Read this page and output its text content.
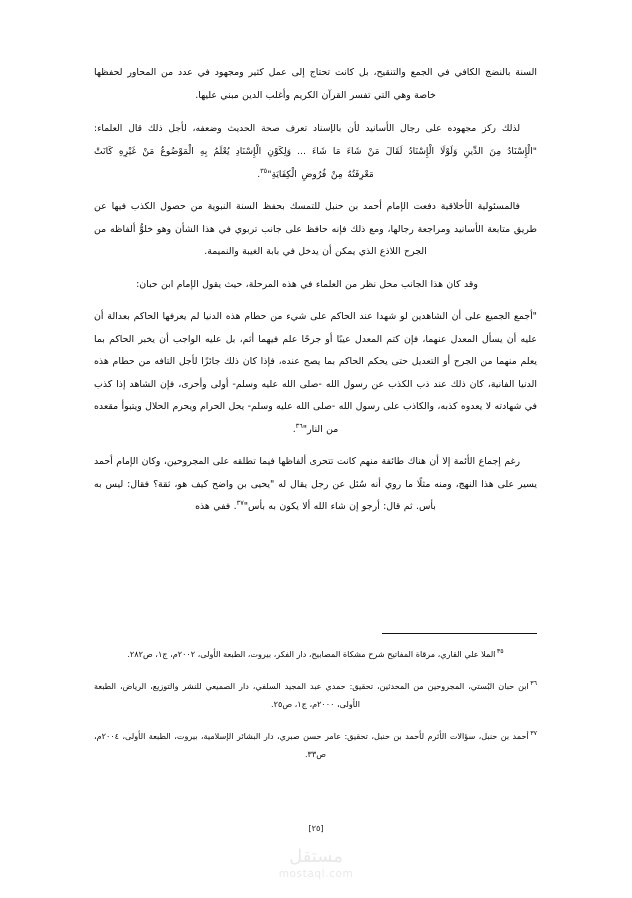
السنة بالنضج الكافي في الجمع والتنقيح، بل كانت تحتاج إلى عمل كثير ومجهود في عدد من المحاور لحفظها خاصة وهي التي تفسر القرآن الكريم وأغلب الدين مبني عليها.

لذلك ركز مجهوده على رجال الأسانيد لأن بالإسناد تعرف صحة الحديث وضعفه، لأجل ذلك قال العلماء: "الْإِسْنَادُ مِنَ الدِّينِ وَلَوْلَا الْإِسْنَادُ لَقَالَ مَنْ شَاءَ مَا شَاءَ ... وَلِكَوْنِ الْإِسْنَادِ يُعْلَمُ بِهِ الْمَوْضُوعُ مَنْ غَيْرِهِ كَانَتْ مَعْرِفَتُهُ مِنْ فُرُوضِ الْكِفَايَةِ"$^{٣٥}$.

فالمسئولية الأخلاقية دفعت الإمام أحمد بن حنبل للتمسك بحفظ السنة النبوية من حصول الكذب فيها عن طريق متابعة الأسانيد ومراجعة رجالها، ومع ذلك فإنه حافظ على جانب تربوي في هذا الشأن وهو خلوُّ ألفاظه من الجرح اللاذع الذي يمكن أن يدخل في بابة الغيبة والنميمة.

وقد كان هذا الجانب محل نظر من العلماء في هذه المرحلة، حيث يقول الإمام ابن حبان:

"أجمع الجميع على أن الشاهدين لو شهدا عند الحاكم على شيء من حطام هذه الدنيا لم يعرفها الحاكم بعدالة أن عليه أن يسأل المعدل عنهما، فإن كتم المعدل عيبًا أو جرحًا علم فيهما أثم، بل عليه الواجب أن يخبر الحاكم بما يعلم منهما من الجرح أو التعديل حتى يحكم الحاكم بما يصح عنده، فإذا كان ذلك جائزًا لأجل التافه من حطام هذه الدنيا الفانية، كان ذلك عند ذب الكذب عن رسول الله -صلى الله عليه وسلم- أولى وأحرى، فإن الشاهد إذا كذب في شهادته لا يعدوه كذبه، والكاذب على رسول الله -صلى الله عليه وسلم- يحل الحرام ويحرم الحلال ويتبوأ مقعده من النار"$^{٣٦}$.

رغم إجماع الأئمة إلا أن هناك طائفة منهم كانت تتحرى ألفاظها فيما تطلقه على المجروحين، وكان الإمام أحمد يسير على هذا النهج، ومنه مثلًا ما روي أنه سُئل عن رجل يقال له "يحيى بن واضح كيف هو، ثقة؟ فقال: ليس به بأس. ثم قال: أرجو إن شاء الله ألا يكون به بأس"$^{٣٧}$. ففي هذه

$^{٣٥}$الملا علي القاري، مرقاة المفاتيح شرح مشكاة المصابيح، دار الفكر، بيروت، الطبعة الأولى، ٢٠٠٢م، ج١، ص٢٨٢.

$^{٣٦}$ابن حبان البُستي، المجروحين من المحدثين، تحقيق: حمدي عبد المجيد السلفي، دار الصميعي للنشر والتوزيع، الرياض، الطبعة الأولى، ٢٠٠٠م، ج١، ص٢٥.

$^{٣٧}$أحمد بن حنبل، سؤالات الأثرم لأحمد بن حنبل، تحقيق: عامر حسن صبري، دار البشائر الإسلامية، بيروت، الطبعة الأولى، ٢٠٠٤م، ص٣٣.

[٢٥]
مستقل
mostaql.com
